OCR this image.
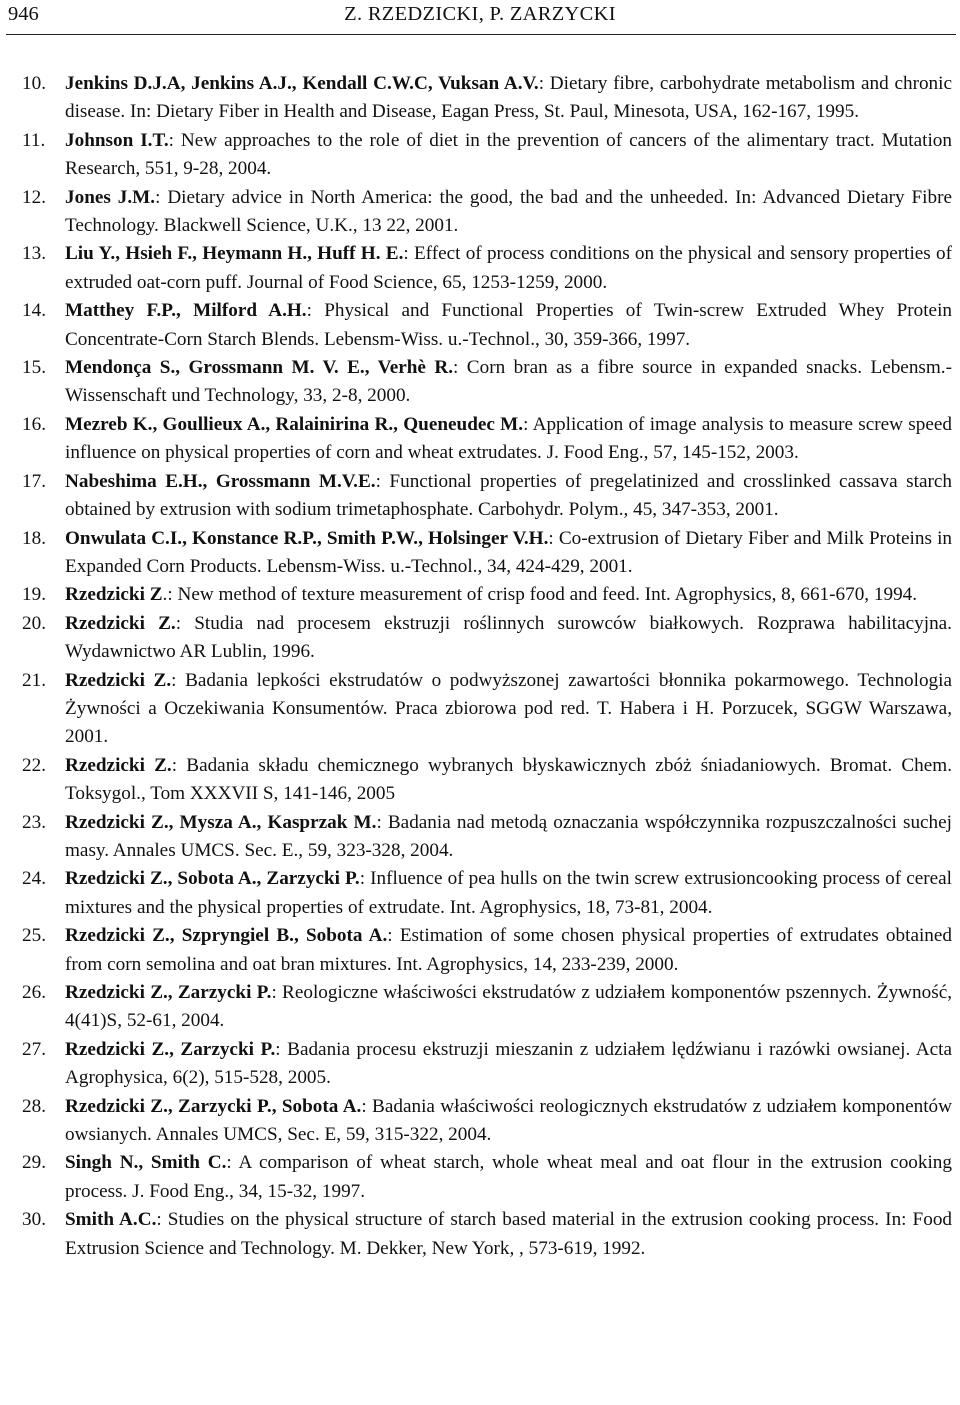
946	Z. RZEDZICKI, P. ZARZYCKI
10. Jenkins D.J.A, Jenkins A.J., Kendall C.W.C, Vuksan A.V.: Dietary fibre, carbohydrate metabolism and chronic disease. In: Dietary Fiber in Health and Disease, Eagan Press, St. Paul, Minesota, USA, 162-167, 1995.
11. Johnson I.T.: New approaches to the role of diet in the prevention of cancers of the alimentary tract. Mutation Research, 551, 9-28, 2004.
12. Jones J.M.: Dietary advice in North America: the good, the bad and the unheeded. In: Advanced Dietary Fibre Technology. Blackwell Science, U.K., 13 22, 2001.
13. Liu Y., Hsieh F., Heymann H., Huff H. E.: Effect of process conditions on the physical and sensory properties of extruded oat-corn puff. Journal of Food Science, 65, 1253-1259, 2000.
14. Matthey F.P., Milford A.H.: Physical and Functional Properties of Twin-screw Extruded Whey Protein Concentrate-Corn Starch Blends. Lebensm-Wiss. u.-Technol., 30, 359-366, 1997.
15. Mendonça S., Grossmann M. V. E., Verhè R.: Corn bran as a fibre source in expanded snacks. Lebensm.-Wissenschaft und Technology, 33, 2-8, 2000.
16. Mezreb K., Goullieux A., Ralainirina R., Queneudec M.: Application of image analysis to measure screw speed influence on physical properties of corn and wheat extrudates. J. Food Eng., 57, 145-152, 2003.
17. Nabeshima E.H., Grossmann M.V.E.: Functional properties of pregelatinized and crosslinked cassava starch obtained by extrusion with sodium trimetaphosphate. Carbohydr. Polym., 45, 347-353, 2001.
18. Onwulata C.I., Konstance R.P., Smith P.W., Holsinger V.H.: Co-extrusion of Dietary Fiber and Milk Proteins in Expanded Corn Products. Lebensm-Wiss. u.-Technol., 34, 424-429, 2001.
19. Rzedzicki Z.: New method of texture measurement of crisp food and feed. Int. Agrophysics, 8, 661-670, 1994.
20. Rzedzicki Z.: Studia nad procesem ekstruzji roślinnych surowców białkowych. Rozprawa habilitacyjna. Wydawnictwo AR Lublin, 1996.
21. Rzedzicki Z.: Badania lepkości ekstrudatów o podwyższonej zawartości błonnika pokarmowego. Technologia Żywności a Oczekiwania Konsumentów. Praca zbiorowa pod red. T. Habera i H. Porzucek, SGGW Warszawa, 2001.
22. Rzedzicki Z.: Badania składu chemicznego wybranych błyskawicznych zbóż śniadaniowych. Bromat. Chem. Toksygol., Tom XXXVII S, 141-146, 2005
23. Rzedzicki Z., Mysza A., Kasprzak M.: Badania nad metodą oznaczania współczynnika rozpuszczalności suchej masy. Annales UMCS. Sec. E., 59, 323-328, 2004.
24. Rzedzicki Z., Sobota A., Zarzycki P.: Influence of pea hulls on the twin screw extrusioncooking process of cereal mixtures and the physical properties of extrudate. Int. Agrophysics, 18, 73-81, 2004.
25. Rzedzicki Z., Szpryngiel B., Sobota A.: Estimation of some chosen physical properties of extrudates obtained from corn semolina and oat bran mixtures. Int. Agrophysics, 14, 233-239, 2000.
26. Rzedzicki Z., Zarzycki P.: Reologiczne właściwości ekstrudatów z udziałem komponentów pszennych. Żywność, 4(41)S, 52-61, 2004.
27. Rzedzicki Z., Zarzycki P.: Badania procesu ekstruzji mieszanin z udziałem lędźwianu i razówki owsianej. Acta Agrophysica, 6(2), 515-528, 2005.
28. Rzedzicki Z., Zarzycki P., Sobota A.: Badania właściwości reologicznych ekstrudatów z udziałem komponentów owsianych. Annales UMCS, Sec. E, 59, 315-322, 2004.
29. Singh N., Smith C.: A comparison of wheat starch, whole wheat meal and oat flour in the extrusion cooking process. J. Food Eng., 34, 15-32, 1997.
30. Smith A.C.: Studies on the physical structure of starch based material in the extrusion cooking process. In: Food Extrusion Science and Technology. M. Dekker, New York, , 573-619, 1992.
